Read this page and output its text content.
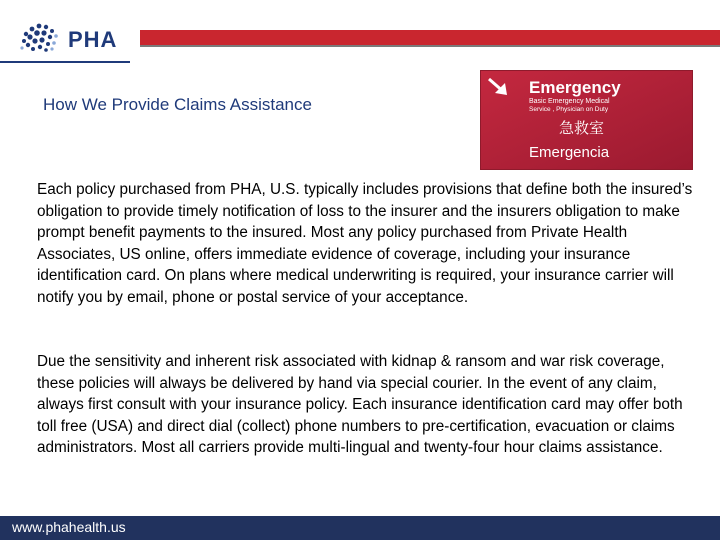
PHA
How We Provide Claims Assistance
Emergency
Basic Emergency Medical
Service , Physician on Duty
急救室
Emergencia

Each policy purchased from PHA, U.S. typically includes provisions that define both the insured’s obligation to provide timely notification of loss to the insurer and the insurers obligation to make prompt benefit payments to the insured. Most any policy purchased from Private Health Associates, US online, offers immediate evidence of coverage, including your insurance identification card. On plans where medical underwriting is required, your insurance carrier will notify you by email, phone or postal service of your acceptance.

Due the sensitivity and inherent risk associated with kidnap & ransom and war risk coverage, these policies will always be delivered by hand via special courier. In the event of any claim, always first consult with your insurance policy. Each insurance identification card may offer both toll free (USA) and direct dial (collect) phone numbers to pre-certification, evacuation or claims administrators. Most all carriers provide multi-lingual and twenty-four hour claims assistance.

www.phahealth.us
